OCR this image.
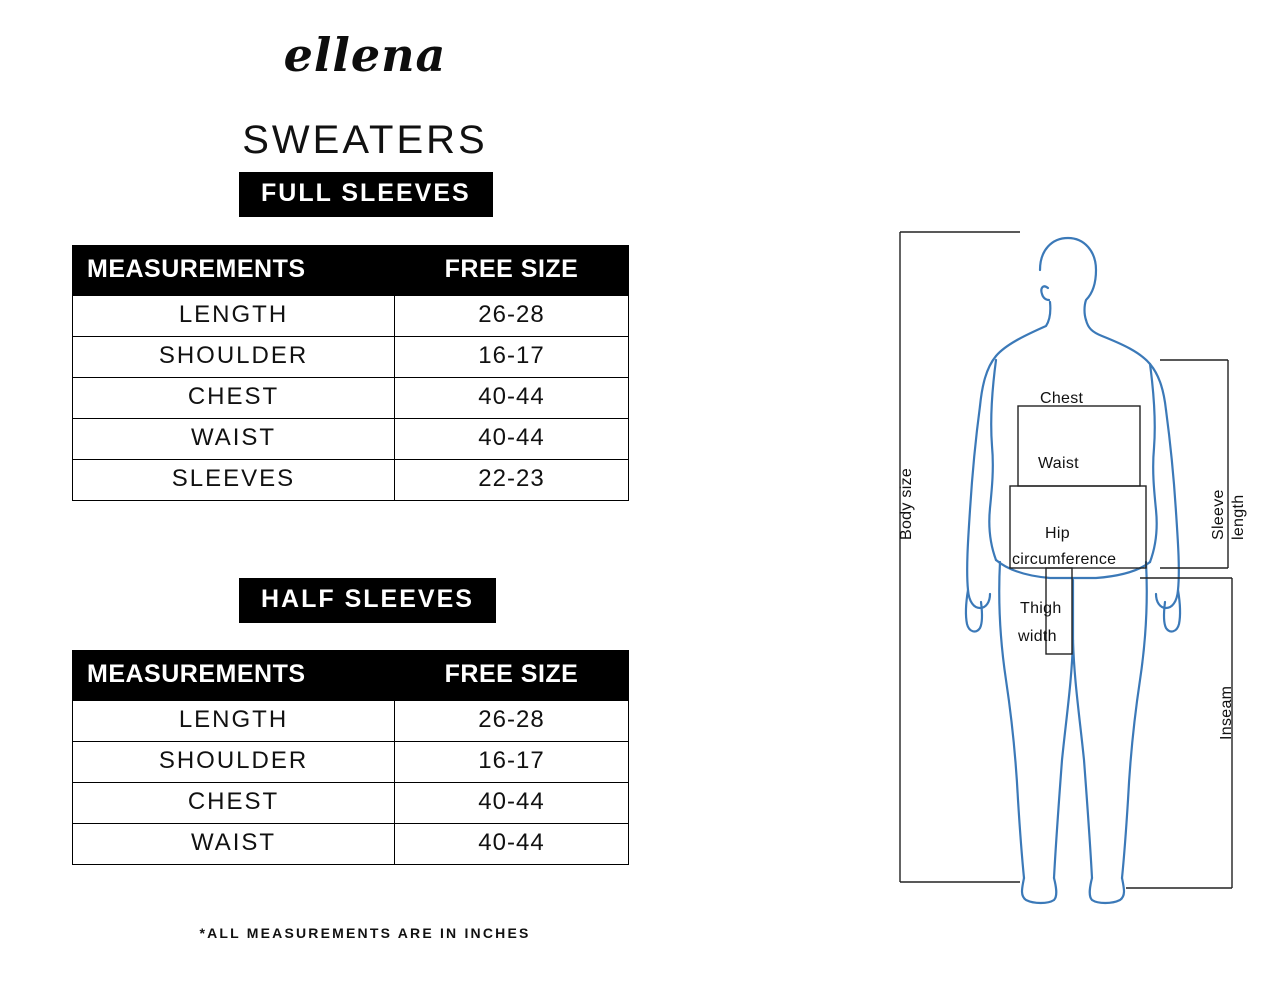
ellena
SWEATERS
FULL SLEEVES
HALF SLEEVES
MEASUREMENTS	FREE SIZE
LENGTH	26-28
SHOULDER	16-17
CHEST	40-44
WAIST	40-44
SLEEVES	22-23
MEASUREMENTS	FREE SIZE
LENGTH	26-28
SHOULDER	16-17
CHEST	40-44
WAIST	40-44
*ALL MEASUREMENTS ARE IN INCHES
Chest
Waist
Hip
circumference
Thigh
width
Body size	Sleeve length
Inseam
